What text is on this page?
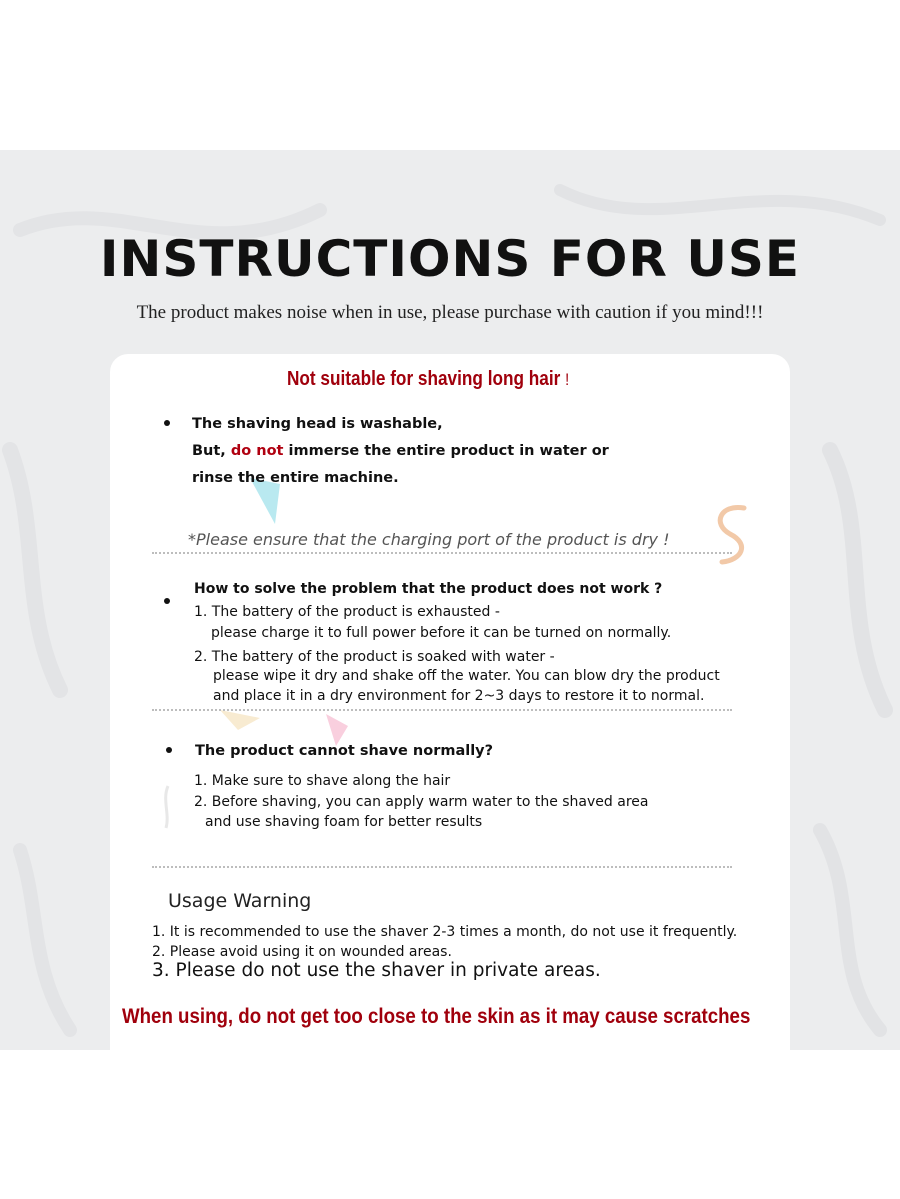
INSTRUCTIONS FOR USE
The product makes noise when in use, please purchase with caution if you mind!!!
Not suitable for shaving long hair !
The shaving head is washable,
But, do not immerse the entire product in water or
rinse the entire machine.
*Please ensure that the charging port of the product is dry !
How to solve the problem that the product does not work ?
1. The battery of the product is exhausted -
please charge it to full power before it can be turned on normally.
2. The battery of the product is soaked with water -
please wipe it dry and shake off the water. You can blow dry the product
and place it in a dry environment for 2~3 days to restore it to normal.
The product cannot shave normally?
1. Make sure to shave along the hair
2. Before shaving, you can apply warm water to the shaved area
and use shaving foam for better results
Usage Warning
1. It is recommended to use the shaver 2-3 times a month, do not use it frequently.
2. Please avoid using it on wounded areas.
3. Please do not use the shaver in private areas.
When using, do not get too close to the skin as it may cause scratches
